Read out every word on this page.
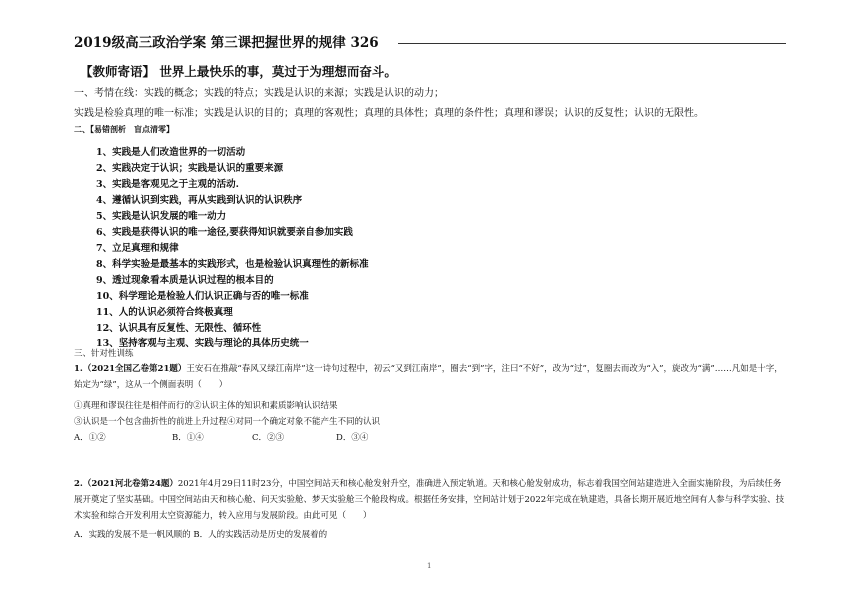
2019级高三政治学案 第三课把握世界的规律 326
【教师寄语】 世界上最快乐的事，莫过于为理想而奋斗。
一、考情在线：实践的概念；实践的特点；实践是认识的来源；实践是认识的动力；
实践是检验真理的唯一标准；实践是认识的目的；真理的客观性；真理的具体性；真理的条件性；真理和谬误；认识的反复性；认识的无限性。
二、【易错剖析　盲点清零】
1、实践是人们改造世界的一切活动
2、实践决定于认识；实践是认识的重要来源
3、实践是客观见之于主观的活动.
4、遵循认识到实践，再从实践到认识的认识秩序
5、实践是认识发展的唯一动力
6、实践是获得认识的唯一途径,要获得知识就要亲自参加实践
7、立足真理和规律
8、科学实验是最基本的实践形式，也是检验认识真理性的新标准
9、透过现象看本质是认识过程的根本目的
10、科学理论是检验人们认识正确与否的唯一标准
11、人的认识必须符合终极真理
12、认识具有反复性、无限性、循环性
13、坚持客观与主观、实践与理论的具体历史统一
三、针对性训练
1.（2021全国乙卷第21题）王安石在推敲“春风又绿江南岸”这一诗句过程中，初云“又到江南岸”，圈去“到”字，注曰“不好”，改为“过”，复圈去而改为“入”，旋改为“满”……凡如是十字，始定为“绿”，这从一个侧面表明（　　）
①真理和谬误往往是相伴而行的②认识主体的知识和素质影响认识结果
③认识是一个包含曲折性的前进上升过程④对同一个确定对象不能产生不同的认识
A．①②	B．①④	C．②③	D．③④
2.（2021河北卷第24题）2021年4月29日11时23分，中国空间站天和核心舱发射升空，准确进入预定轨道。天和核心舱发射成功，标志着我国空间站建造进入全面实施阶段，为后续任务展开奠定了坚实基础。中国空间站由天和核心舱、问天实验舱、梦天实验舱三个舱段构成。根据任务安排，空间站计划于2022年完成在轨建造，具备长期开展近地空间有人参与科学实验、技术实验和综合开发利用太空资源能力，转入应用与发展阶段。由此可见（　　）
A．实践的发展不是一帆风顺的 B．人的实践活动是历史的发展着的
1
